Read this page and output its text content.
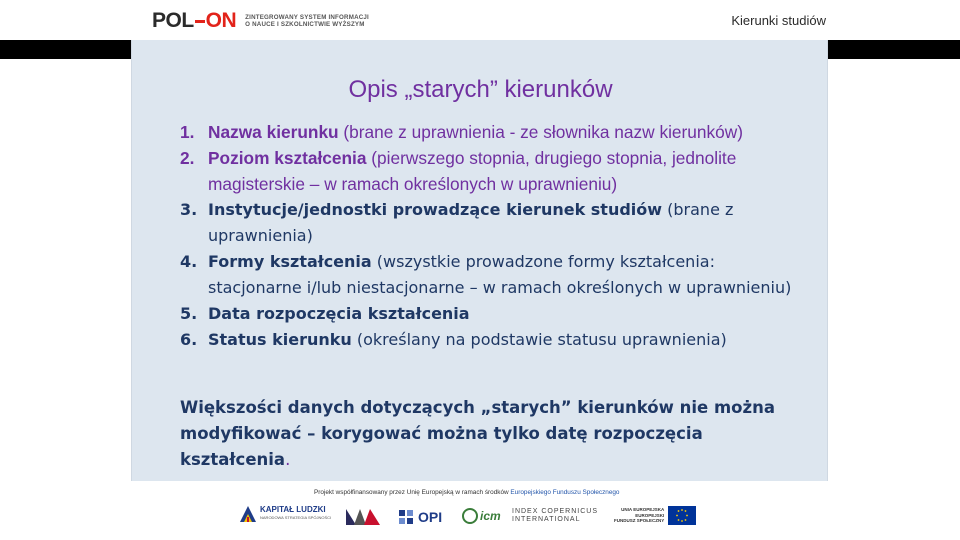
POL ON ZINTEGROWANY SYSTEM INFORMACJI
O NAUCE I SZKOLNICTWIE WYŻSZYM	Kierunki studiów
Opis „starych” kierunków
1. Nazwa kierunku (brane z uprawnienia - ze słownika nazw kierunków)
2. Poziom kształcenia (pierwszego stopnia, drugiego stopnia, jednolite magisterskie – w ramach określonych w uprawnieniu)
3. Instytucje/jednostki prowadzące kierunek studiów (brane z uprawnienia)
4. Formy kształcenia (wszystkie prowadzone formy kształcenia: stacjonarne i/lub niestacjonarne – w ramach określonych w uprawnieniu)
5. Data rozpoczęcia kształcenia
6. Status kierunku (określany na podstawie statusu uprawnienia)
Większości danych dotyczących „starych” kierunków nie można modyfikować – korygować można tylko datę rozpoczęcia kształcenia.
Projekt współfinansowany przez Unię Europejską w ramach środków Europejskiego Funduszu Społecznego
KAPITAŁ LUDZKI
NARODOWA STRATEGIA SPÓJNOŚCI	OPI	icm INDEX COPERNICUS
INTERNATIONAL
UNIA EUROPEJSKA
EUROPEJSKI
FUNDUSZ SPOŁECZNY
